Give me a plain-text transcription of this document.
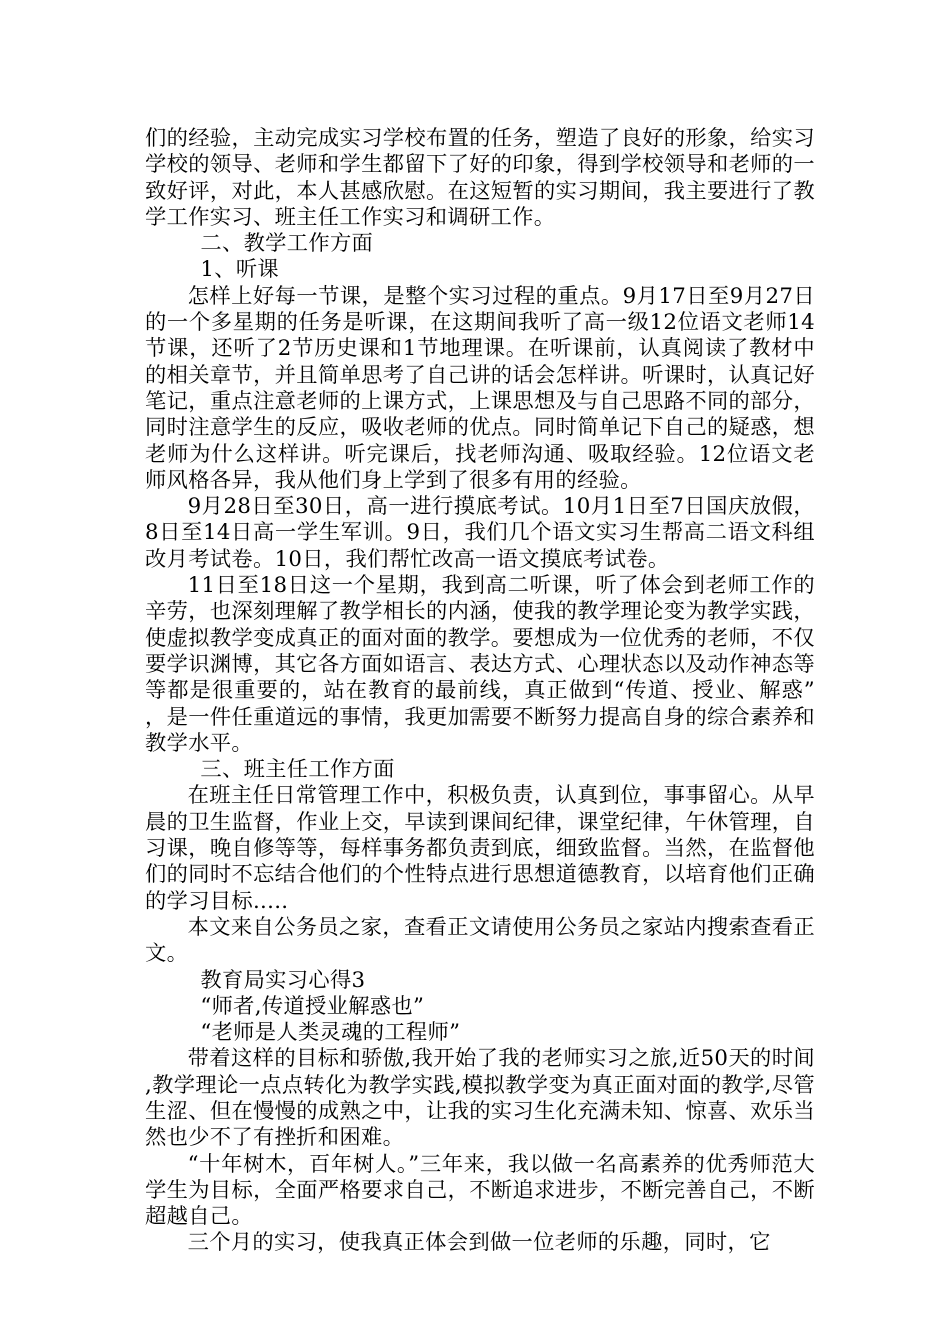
们的经验，主动完成实习学校布置的任务，塑造了良好的形象，给实习学校的领导、老师和学生都留下了好的印象，得到学校领导和老师的一致好评，对此，本人甚感欣慰。在这短暂的实习期间，我主要进行了教学工作实习、班主任工作实习和调研工作。

二、教学工作方面

1、听课

怎样上好每一节课，是整个实习过程的重点。9月17日至9月27日的一个多星期的任务是听课，在这期间我听了高一级12位语文老师14节课，还听了2节历史课和1节地理课。在听课前，认真阅读了教材中的相关章节，并且简单思考了自己讲的话会怎样讲。听课时，认真记好笔记，重点注意老师的上课方式，上课思想及与自己思路不同的部分，同时注意学生的反应，吸收老师的优点。同时简单记下自己的疑惑，想老师为什么这样讲。听完课后，找老师沟通、吸取经验。12位语文老师风格各异，我从他们身上学到了很多有用的经验。

9月28日至30日，高一进行摸底考试。10月1日至7日国庆放假，8日至14日高一学生军训。9日，我们几个语文实习生帮高二语文科组改月考试卷。10日，我们帮忙改高一语文摸底考试卷。

11日至18日这一个星期，我到高二听课，听了体会到老师工作的辛劳，也深刻理解了教学相长的内涵，使我的教学理论变为教学实践，使虚拟教学变成真正的面对面的教学。要想成为一位优秀的老师，不仅要学识渊博，其它各方面如语言、表达方式、心理状态以及动作神态等等都是很重要的，站在教育的最前线，真正做到“传道、授业、解惑”，是一件任重道远的事情，我更加需要不断努力提高自身的综合素养和教学水平。

三、班主任工作方面

在班主任日常管理工作中，积极负责，认真到位，事事留心。从早晨的卫生监督，作业上交，早读到课间纪律，课堂纪律，午休管理，自习课，晚自修等等，每样事务都负责到底，细致监督。当然，在监督他们的同时不忘结合他们的个性特点进行思想道德教育，以培育他们正确的学习目标.....

本文来自公务员之家，查看正文请使用公务员之家站内搜索查看正文。

教育局实习心得3

“师者,传道授业解惑也”

“老师是人类灵魂的工程师”

带着这样的目标和骄傲,我开始了我的老师实习之旅,近50天的时间,教学理论一点点转化为教学实践,模拟教学变为真正面对面的教学,尽管生涩、但在慢慢的成熟之中，让我的实习生化充满未知、惊喜、欢乐当然也少不了有挫折和困难。

“十年树木，百年树人。”三年来，我以做一名高素养的优秀师范大学生为目标，全面严格要求自己，不断追求进步，不断完善自己，不断超越自己。

三个月的实习，使我真正体会到做一位老师的乐趣，同时，它
